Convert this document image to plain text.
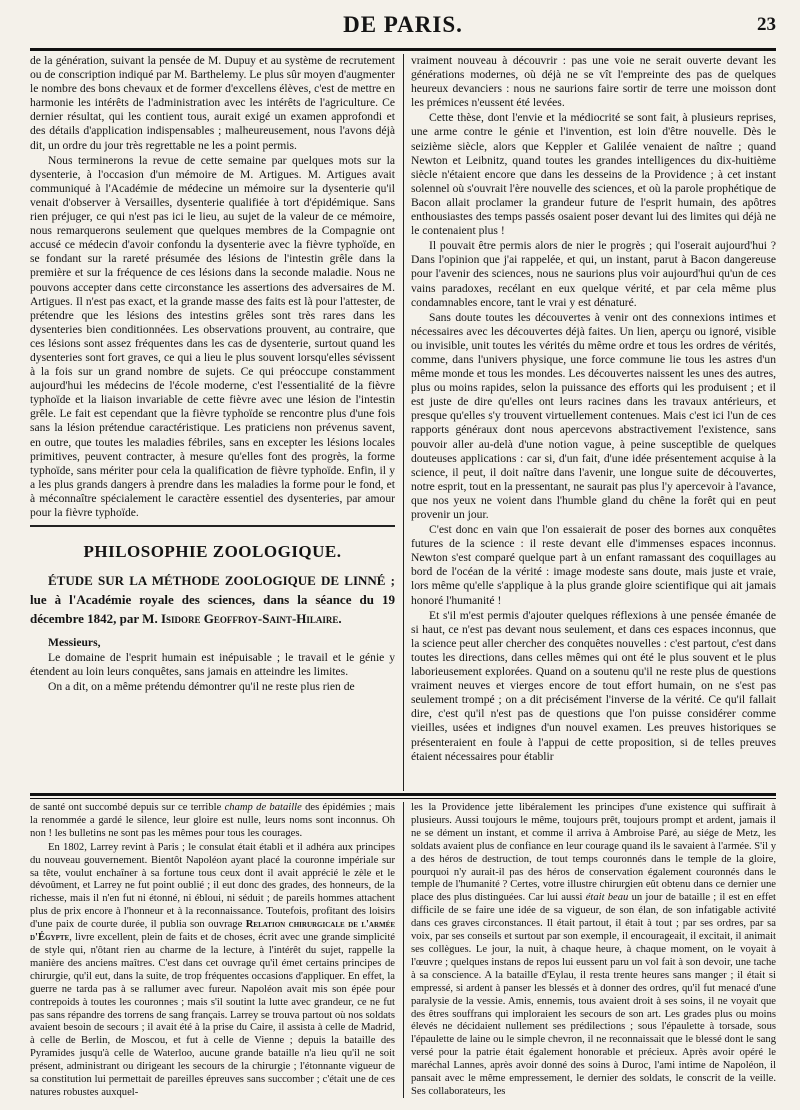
DE PARIS.	23

de la génération, suivant la pensée de M. Dupuy et au système de recrutement ou de conscription indiqué par M. Barthelemy. Le plus sûr moyen d'augmenter le nombre des bons chevaux et de former d'excellens élèves, c'est de mettre en harmonie les intérêts de l'administration avec les intérêts de l'agriculture. Ce dernier résultat, qui les contient tous, aurait exigé un examen approfondi et des détails d'application indispensables ; malheureusement, nous l'avons déjà dit, un ordre du jour très regrettable ne les a point permis.

Nous terminerons la revue de cette semaine par quelques mots sur la dysenterie, à l'occasion d'un mémoire de M. Artigues. M. Artigues avait communiqué à l'Académie de médecine un mémoire sur la dysenterie qu'il venait d'observer à Versailles, dysenterie qualifiée à tort d'épidémique. Sans rien préjuger, ce qui n'est pas ici le lieu, au sujet de la valeur de ce mémoire, nous remarquerons seulement que quelques membres de la Compagnie ont accusé ce médecin d'avoir confondu la dysenterie avec la fièvre typhoïde, en se fondant sur la rareté présumée des lésions de l'intestin grêle dans la première et sur la fréquence de ces lésions dans la seconde maladie. Nous ne pouvons accepter dans cette circonstance les assertions des adversaires de M. Artigues. Il n'est pas exact, et la grande masse des faits est là pour l'attester, de prétendre que les lésions des intestins grêles sont très rares dans les dysenteries bien conditionnées. Les observations prouvent, au contraire, que ces lésions sont assez fréquentes dans les cas de dysenterie, surtout quand les dysenteries sont fort graves, ce qui a lieu le plus souvent lorsqu'elles sévissent à la fois sur un grand nombre de sujets. Ce qui préoccupe constamment aujourd'hui les médecins de l'école moderne, c'est l'essentialité de la fièvre typhoïde et la liaison invariable de cette fièvre avec une lésion de l'intestin grêle. Le fait est cependant que la fièvre typhoïde se rencontre plus d'une fois sans la lésion prétendue caractéristique. Les praticiens non prévenus savent, en outre, que toutes les maladies fébriles, sans en excepter les lésions locales primitives, peuvent contracter, à mesure qu'elles font des progrès, la forme typhoïde, sans mériter pour cela la qualification de fièvre typhoïde. Enfin, il y a les plus grands dangers à prendre dans les maladies la forme pour le fond, et à méconnaître spécialement le caractère essentiel des dysenteries, par amour pour la fièvre typhoïde.

PHILOSOPHIE ZOOLOGIQUE.
ÉTUDE SUR LA MÉTHODE ZOOLOGIQUE DE LINNÉ ; lue à l'Académie royale des sciences, dans la séance du 19 décembre 1842, par M. Isidore Geoffroy-Saint-Hilaire.

Messieurs,

Le domaine de l'esprit humain est inépuisable ; le travail et le génie y étendent au loin leurs conquêtes, sans jamais en atteindre les limites.

On a dit, on a même prétendu démontrer qu'il ne reste plus rien de

vraiment nouveau à découvrir : pas une voie ne serait ouverte devant les générations modernes, où déjà ne se vît l'empreinte des pas de quelques heureux devanciers : nous ne saurions faire sortir de terre une moisson dont les prémices n'eussent été levées.

Cette thèse, dont l'envie et la médiocrité se sont fait, à plusieurs reprises, une arme contre le génie et l'invention, est loin d'être nouvelle. Dès le seizième siècle, alors que Keppler et Galilée venaient de naître ; quand Newton et Leibnitz, quand toutes les grandes intelligences du dix-huitième siècle n'étaient encore que dans les desseins de la Providence ; à cet instant solennel où s'ouvrait l'ère nouvelle des sciences, et où la parole prophétique de Bacon allait proclamer la grandeur future de l'esprit humain, des apôtres enthousiastes des temps passés osaient poser devant lui des limites qui déjà ne le contenaient plus !

Il pouvait être permis alors de nier le progrès ; qui l'oserait aujourd'hui ? Dans l'opinion que j'ai rappelée, et qui, un instant, parut à Bacon dangereuse pour l'avenir des sciences, nous ne saurions plus voir aujourd'hui qu'un de ces vains paradoxes, recélant en eux quelque vérité, et par cela même plus condamnables encore, tant le vrai y est dénaturé.

Sans doute toutes les découvertes à venir ont des connexions intimes et nécessaires avec les découvertes déjà faites. Un lien, aperçu ou ignoré, visible ou invisible, unit toutes les vérités du même ordre et tous les ordres de vérités, comme, dans l'univers physique, une force commune lie tous les astres d'un même monde et tous les mondes. Les découvertes naissent les unes des autres, plus ou moins rapides, selon la puissance des efforts qui les produisent ; et il est juste de dire qu'elles ont leurs racines dans les travaux antérieurs, et presque qu'elles s'y trouvent virtuellement contenues. Mais c'est ici l'un de ces rapports généraux dont nous apercevons abstractivement l'existence, sans pouvoir aller au-delà d'une notion vague, à peine susceptible de quelques douteuses applications : car si, d'un fait, d'une idée présentement acquise à la science, il peut, il doit naître dans l'avenir, une longue suite de découvertes, notre esprit, tout en la pressentant, ne saurait pas plus l'y apercevoir à l'avance, que nos yeux ne voient dans l'humble gland du chêne la forêt qui en peut provenir un jour.

C'est donc en vain que l'on essaierait de poser des bornes aux conquêtes futures de la science : il reste devant elle d'immenses espaces inconnus. Newton s'est comparé quelque part à un enfant ramassant des coquillages au bord de l'océan de la vérité : image modeste sans doute, mais juste et vraie, lors même qu'elle s'applique à la plus grande gloire scientifique qui ait jamais honoré l'humanité !

Et s'il m'est permis d'ajouter quelques réflexions à une pensée émanée de si haut, ce n'est pas devant nous seulement, et dans ces espaces inconnus, que la science peut aller chercher des conquêtes nouvelles : c'est partout, c'est dans toutes les directions, dans celles mêmes qui ont été le plus souvent et le plus laborieusement explorées. Quand on a soutenu qu'il ne reste plus de questions vraiment neuves et vierges encore de tout effort humain, on ne s'est pas seulement trompé ; on a dit précisément l'inverse de la vérité. Ce qu'il fallait dire, c'est qu'il n'est pas de questions que l'on puisse considérer comme vieilles, usées et indignes d'un nouvel examen. Les preuves historiques se présenteraient en foule à l'appui de cette proposition, si de telles preuves étaient nécessaires pour établir

de santé ont succombé depuis sur ce terrible champ de bataille des épidémies ; mais la renommée a gardé le silence, leur gloire est nulle, leurs noms sont inconnus. Oh non ! les bulletins ne sont pas les mêmes pour tous les courages.

En 1802, Larrey revint à Paris ; le consulat était établi et il adhéra aux principes du nouveau gouvernement. Bientôt Napoléon ayant placé la couronne impériale sur sa tête, voulut enchaîner à sa fortune tous ceux dont il avait apprécié le zèle et le dévoûment, et Larrey ne fut point oublié ; il eut donc des grades, des honneurs, de la richesse, mais il n'en fut ni étonné, ni ébloui, ni séduit ; de pareils hommes attachent plus de prix encore à l'honneur et à la reconnaissance. Toutefois, profitant des loisirs d'une paix de courte durée, il publia son ouvrage Relation chirurgicale de l'armée d'Égypte, livre excellent, plein de faits et de choses, écrit avec une grande simplicité de style qui, n'ôtant rien au charme de la lecture, à l'intérêt du sujet, rappelle la manière des anciens maîtres. C'est dans cet ouvrage qu'il émet certains principes de chirurgie, qu'il eut, dans la suite, de trop fréquentes occasions d'appliquer. En effet, la guerre ne tarda pas à se rallumer avec fureur. Napoléon avait mis son épée pour contrepoids à toutes les couronnes ; mais s'il soutint la lutte avec grandeur, ce ne fut pas sans répandre des torrens de sang français. Larrey se trouva partout où nos soldats avaient besoin de secours ; il avait été à la prise du Caire, il assista à celle de Madrid, à celle de Berlin, de Moscou, et fut à celle de Vienne ; depuis la bataille des Pyramides jusqu'à celle de Waterloo, aucune grande bataille n'a lieu qu'il ne soit présent, administrant ou dirigeant les secours de la chirurgie ; l'étonnante vigueur de sa constitution lui permettait de pareilles épreuves sans succomber ; c'était une de ces natures robustes auxquel-

les la Providence jette libéralement les principes d'une existence qui suffirait à plusieurs. Aussi toujours le même, toujours prêt, toujours prompt et ardent, jamais il ne se dément un instant, et comme il arriva à Ambroise Paré, au siége de Metz, les soldats avaient plus de confiance en leur courage quand ils le savaient à l'armée. S'il y a des héros de destruction, de tout temps couronnés dans le temple de la gloire, pourquoi n'y aurait-il pas des héros de conservation également couronnés dans le temple de l'humanité ? Certes, votre illustre chirurgien eût obtenu dans ce dernier une place des plus distinguées. Car lui aussi était beau un jour de bataille ; il est en effet difficile de se faire une idée de sa vigueur, de son élan, de son infatigable activité dans ces graves circonstances. Il était partout, il était à tout ; par ses ordres, par sa voix, par ses conseils et surtout par son exemple, il encourageait, il excitait, il animait ses collègues. Le jour, la nuit, à chaque heure, à chaque moment, on le voyait à l'œuvre ; quelques instans de repos lui eussent paru un vol fait à son devoir, une tache à sa conscience. A la bataille d'Eylau, il resta trente heures sans manger ; il était si empressé, si ardent à panser les blessés et à donner des ordres, qu'il fut menacé d'une paralysie de la vessie. Amis, ennemis, tous avaient droit à ses soins, il ne voyait que des êtres souffrans qui imploraient les secours de son art. Les grades plus ou moins élevés ne décidaient nullement ses prédilections ; sous l'épaulette à torsade, sous l'épaulette de laine ou le simple chevron, il ne reconnaissait que le blessé dont le sang versé pour la patrie était également honorable et précieux. Après avoir opéré le maréchal Lannes, après avoir donné des soins à Duroc, l'ami intime de Napoléon, il pansait avec le même empressement, le dernier des soldats, le conscrit de la veille. Ses collaborateurs, les
